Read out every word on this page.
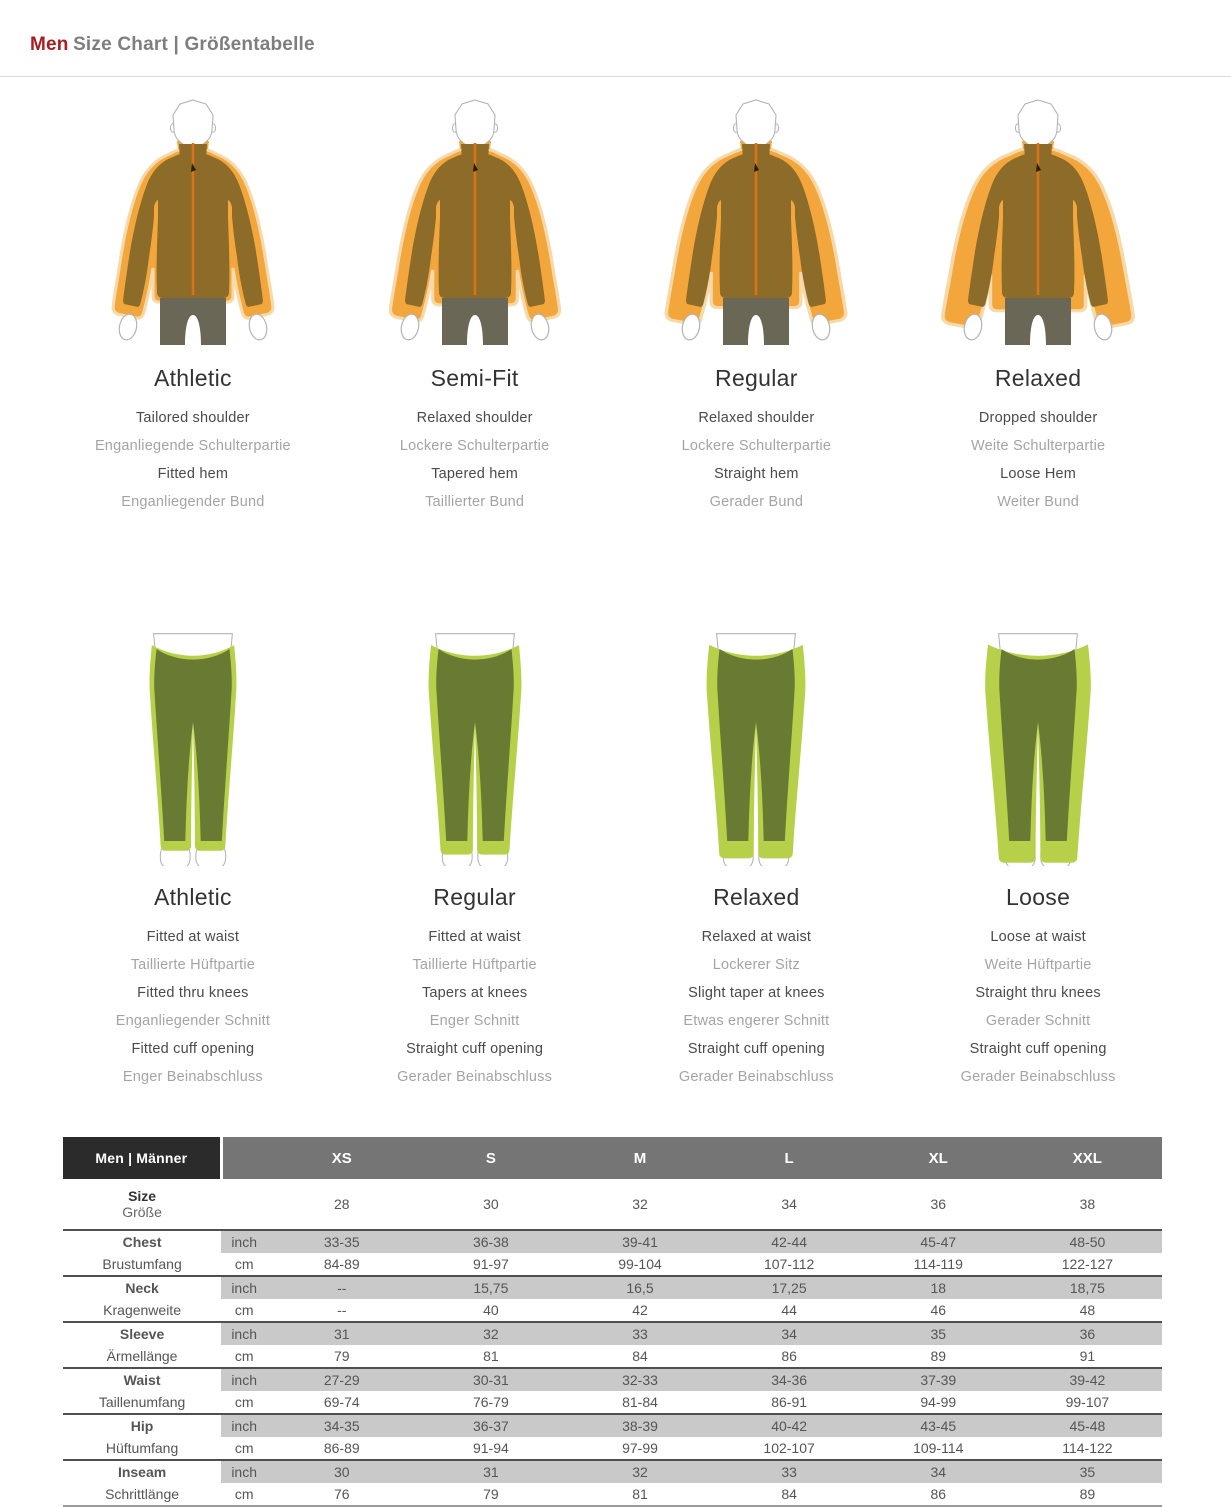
Men Size Chart | Größentabelle
Athletic
Tailored shoulder
Enganliegende Schulterpartie
Fitted hem
Enganliegender Bund
Semi-Fit
Relaxed shoulder
Lockere Schulterpartie
Tapered hem
Taillierter Bund
Regular
Relaxed shoulder
Lockere Schulterpartie
Straight hem
Gerader Bund
Relaxed
Dropped shoulder
Weite Schulterpartie
Loose Hem
Weiter Bund
Athletic
Fitted at waist
Taillierte Hüftpartie
Fitted thru knees
Enganliegender Schnitt
Fitted cuff opening
Enger Beinabschluss
Regular
Fitted at waist
Taillierte Hüftpartie
Tapers at knees
Enger Schnitt
Straight cuff opening
Gerader Beinabschluss
Relaxed
Relaxed at waist
Lockerer Sitz
Slight taper at knees
Etwas engerer Schnitt
Straight cuff opening
Gerader Beinabschluss
Loose
Loose at waist
Weite Hüftpartie
Straight thru knees
Gerader Schnitt
Straight cuff opening
Gerader Beinabschluss
Men | Männer		XS	S	M	L	XL	XXL

Size
Größe		28	30	32	34	36	38
Chest	inch	33-35	36-38	39-41	42-44	45-47	48-50
Brustumfang	cm	84-89	91-97	99-104	107-112	114-119	122-127
Neck	inch	--	15,75	16,5	17,25	18	18,75
Kragenweite	cm	--	40	42	44	46	48
Sleeve	inch	31	32	33	34	35	36
Ärmellänge	cm	79	81	84	86	89	91
Waist	inch	27-29	30-31	32-33	34-36	37-39	39-42
Taillenumfang	cm	69-74	76-79	81-84	86-91	94-99	99-107
Hip	inch	34-35	36-37	38-39	40-42	43-45	45-48
Hüftumfang	cm	86-89	91-94	97-99	102-107	109-114	114-122
Inseam	inch	30	31	32	33	34	35
Schrittlänge	cm	76	79	81	84	86	89
